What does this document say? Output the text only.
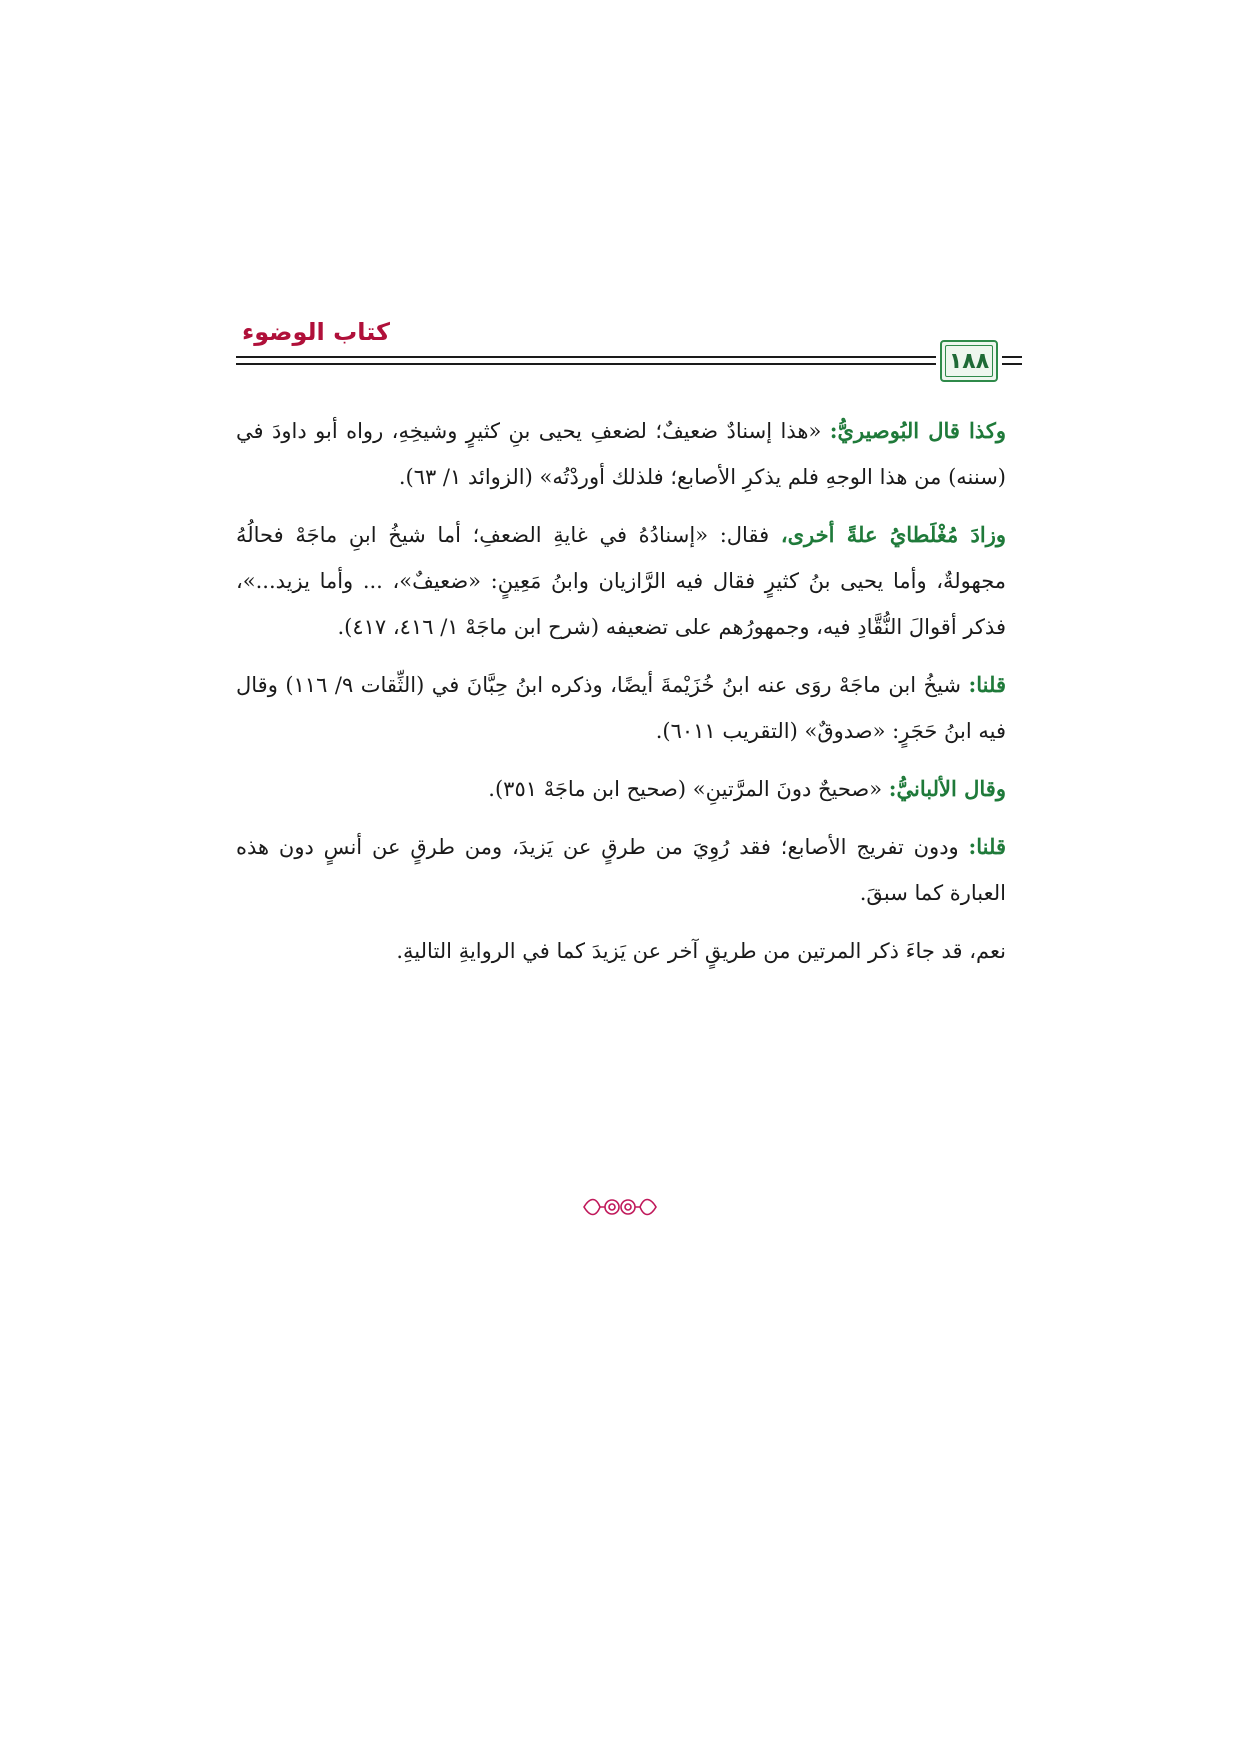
كتاب الوضوء
١٨٨

وكذا قال البُوصيريُّ: «هذا إسنادٌ ضعيفٌ؛ لضعفِ يحيى بنِ كثيرٍ وشيخِهِ، رواه أبو داودَ في (سننه) من هذا الوجهِ فلم يذكرِ الأصابع؛ فلذلك أوردْتُه» (الزوائد ١/ ٦٣).

وزادَ مُغْلَطايُ علةً أخرى، فقال: «إسنادُهُ في غايةِ الضعفِ؛ أما شيخُ ابنِ ماجَهْ فحالُهُ مجهولةٌ، وأما يحيى بنُ كثيرٍ فقال فيه الرَّازيان وابنُ مَعِينٍ: «ضعيفٌ»، ... وأما يزيد...»، فذكر أقوالَ النُّقَّادِ فيه، وجمهورُهم على تضعيفه (شرح ابن ماجَهْ ١/ ٤١٦، ٤١٧).

قلنا: شيخُ ابن ماجَهْ روَى عنه ابنُ خُزَيْمةَ أيضًا، وذكره ابنُ حِبَّانَ في (الثِّقات ٩/ ١١٦) وقال فيه ابنُ حَجَرٍ: «صدوقٌ» (التقريب ٦٠١١).

وقال الألبانيُّ: «صحيحٌ دونَ المرَّتينِ» (صحيح ابن ماجَهْ ٣٥١).

قلنا: ودون تفريج الأصابع؛ فقد رُوِيَ من طرقٍ عن يَزيدَ، ومن طرقٍ عن أنسٍ دون هذه العبارة كما سبقَ.

نعم، قد جاءَ ذكر المرتين من طريقٍ آخر عن يَزيدَ كما في الروايةِ التاليةِ.
